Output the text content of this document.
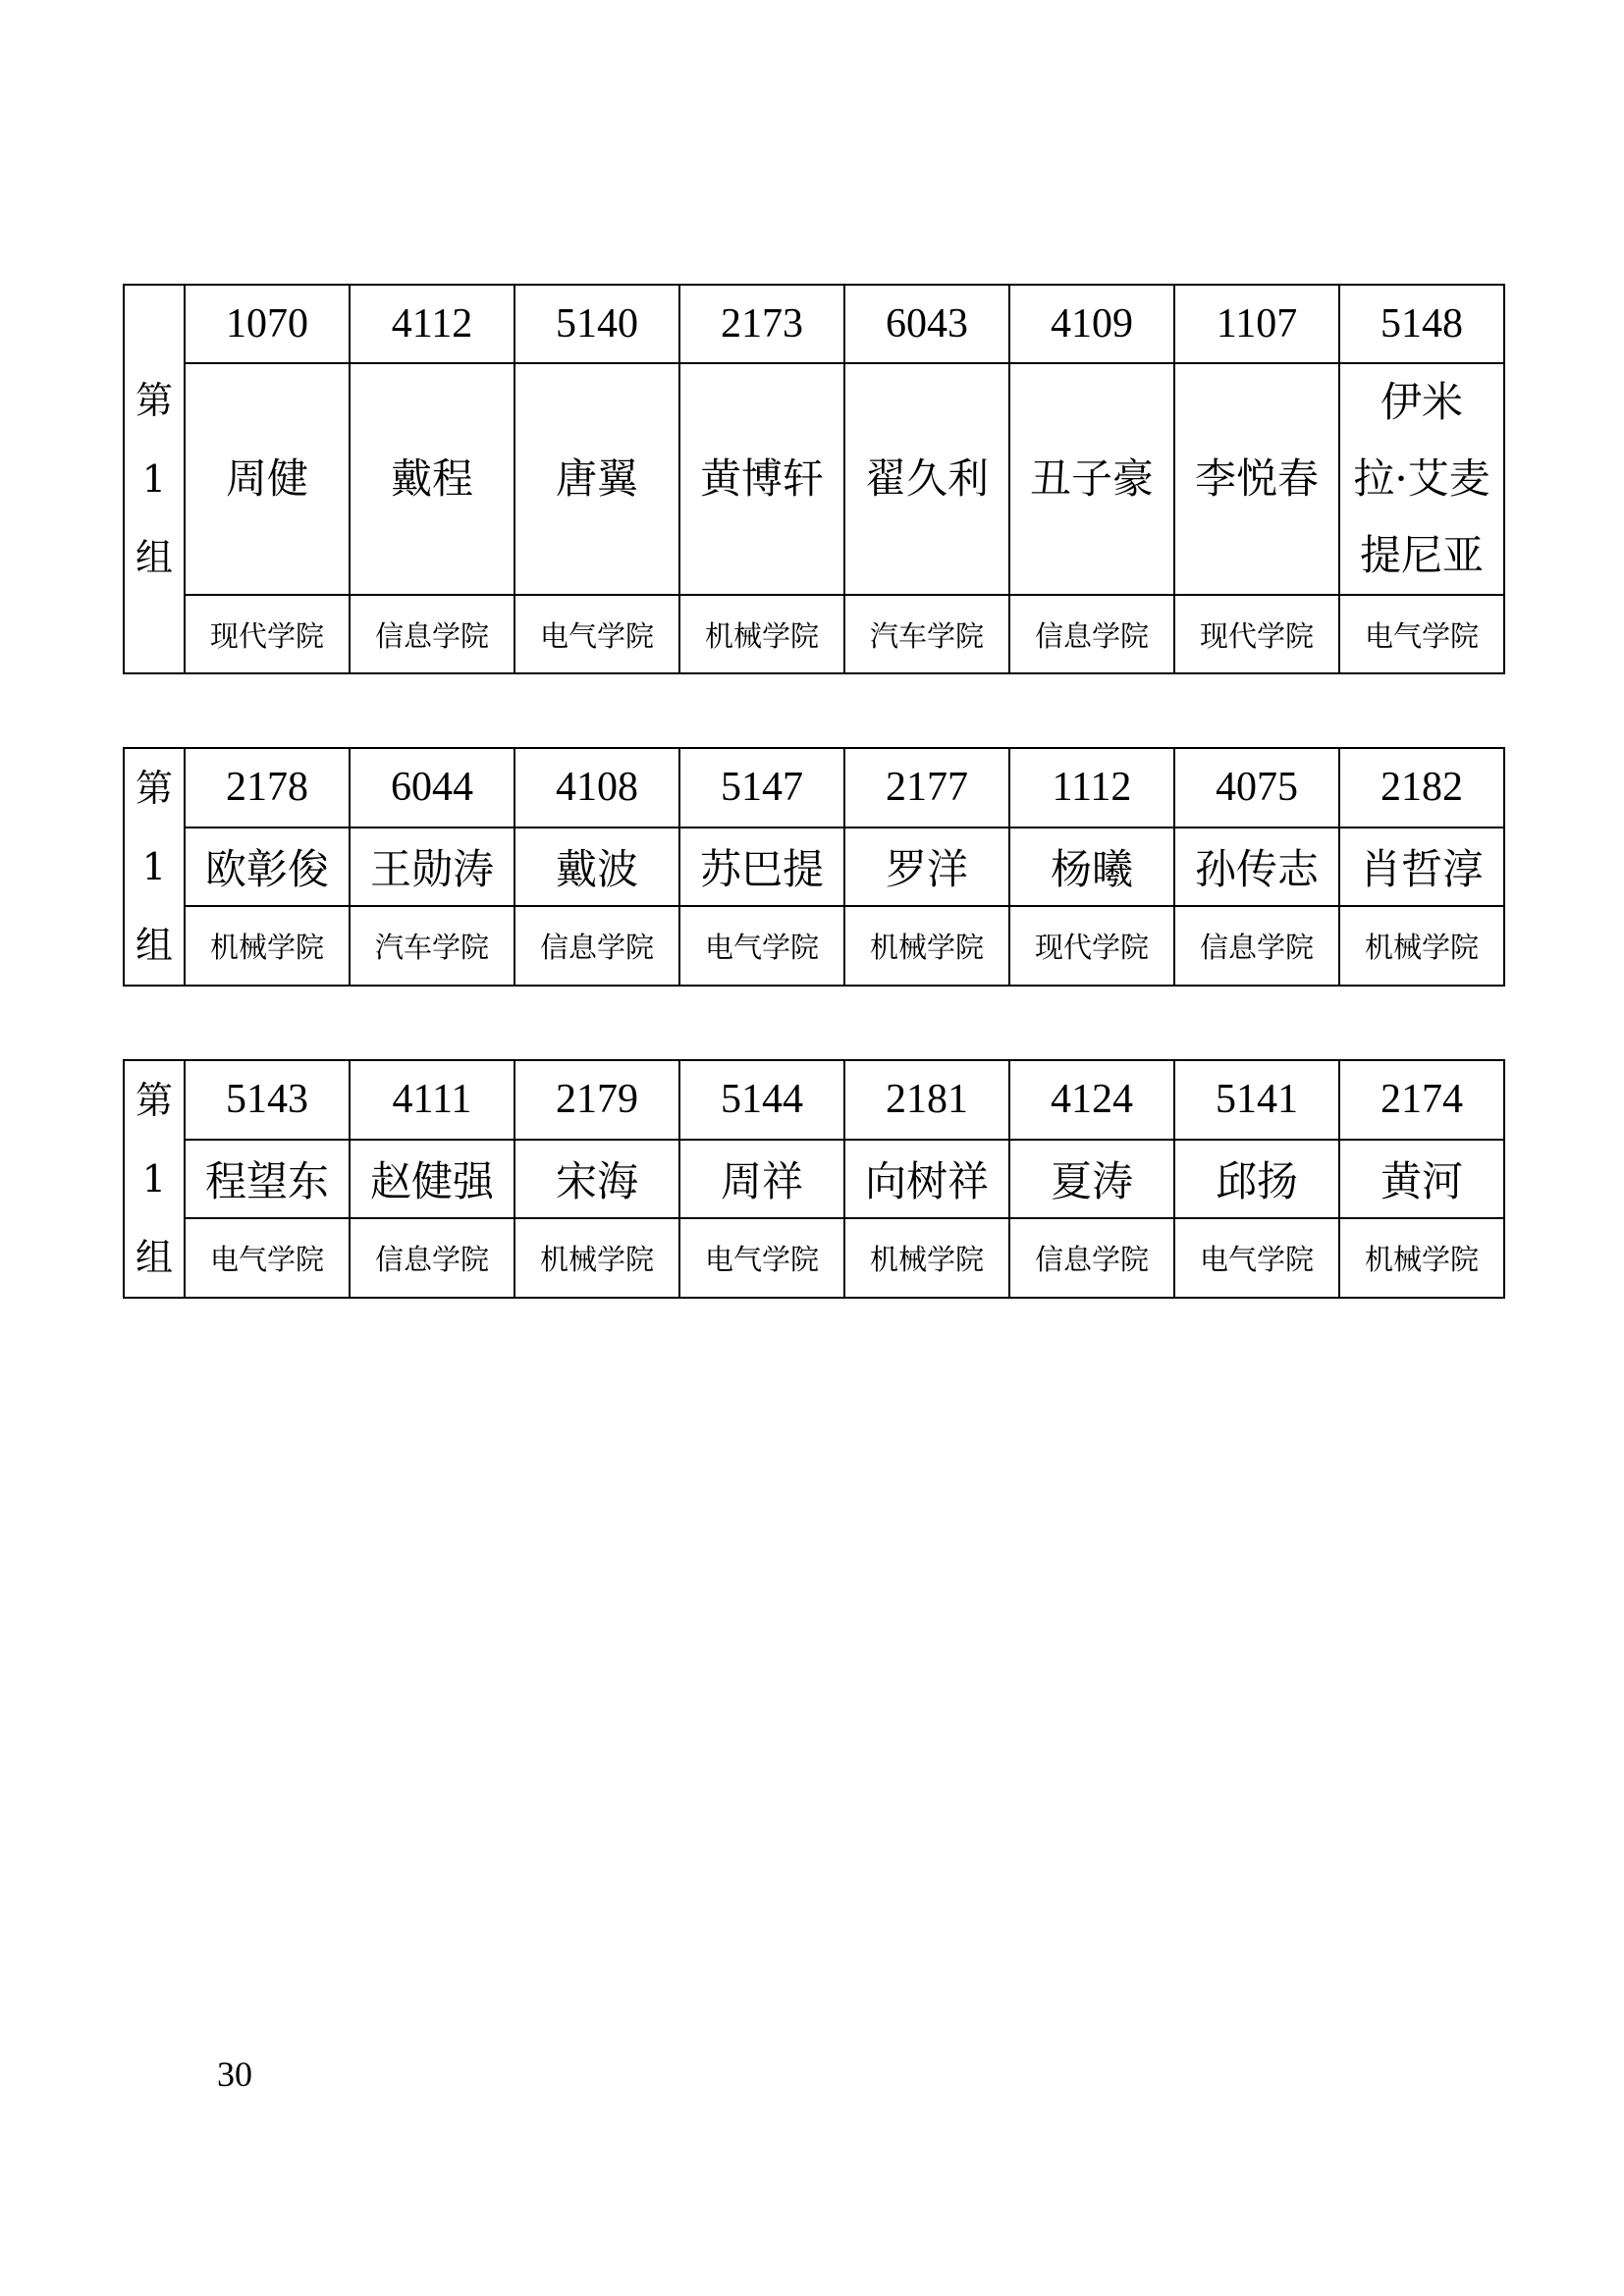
第
1
组	1070	4112	5140	2173	6043	4109	1107	5148
	周健	戴程	唐翼	黄博轩	翟久利	丑子豪	李悦春	伊米
拉·艾麦
提尼亚

	现代学院	信息学院	电气学院	机械学院	汽车学院	信息学院	现代学院	电气学院
第
1
组	2178	6044	4108	5147	2177	1112	4075	2182
	欧彰俊	王勋涛	戴波	苏巴提	罗洋	杨曦	孙传志	肖哲淳
	机械学院	汽车学院	信息学院	电气学院	机械学院	现代学院	信息学院	机械学院
第
1
组	5143	4111	2179	5144	2181	4124	5141	2174
	程望东	赵健强	宋海	周祥	向树祥	夏涛	邱扬	黄河
	电气学院	信息学院	机械学院	电气学院	机械学院	信息学院	电气学院	机械学院
30
